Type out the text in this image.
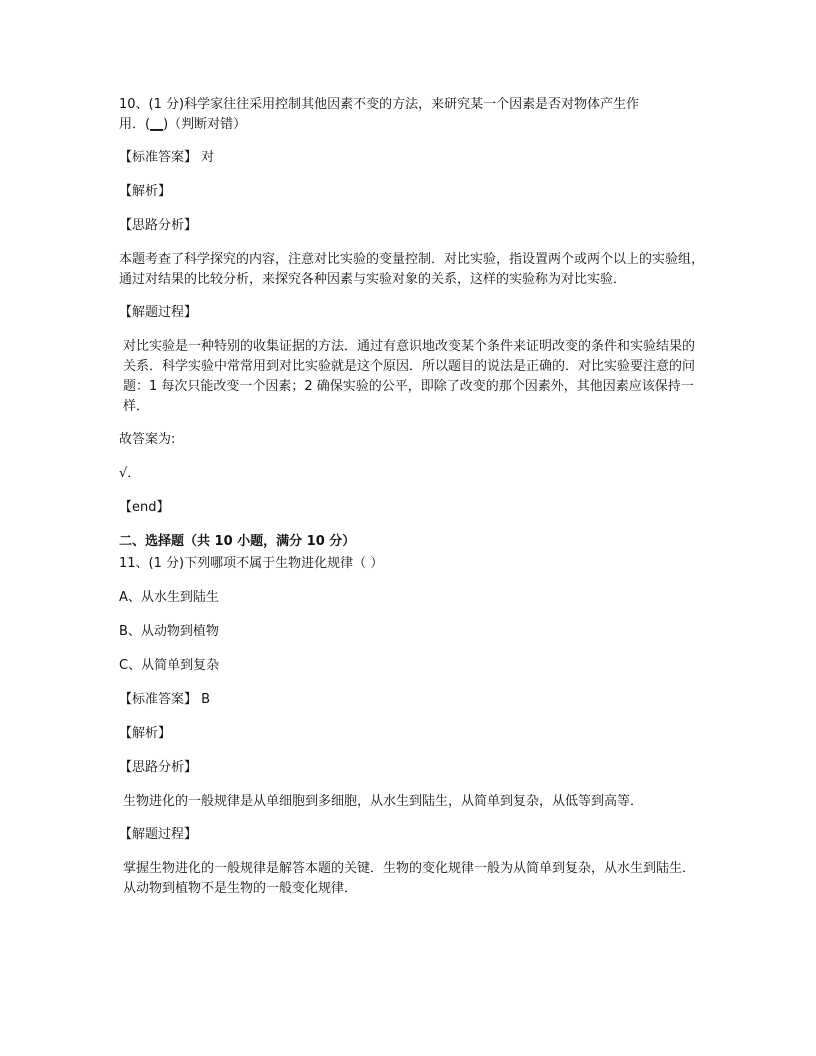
10、(1 分)科学家往往采用控制其他因素不变的方法，来研究某一个因素是否对物体产生作

用．(__)（判断对错）

【标准答案】 对

【解析】

【思路分析】

本题考查了科学探究的内容，注意对比实验的变量控制．对比实验，指设置两个或两个以上的实验组，通过对结果的比较分析，来探究各种因素与实验对象的关系，这样的实验称为对比实验．

【解题过程】

对比实验是一种特别的收集证据的方法．通过有意识地改变某个条件来证明改变的条件和实验结果的关系．科学实验中常常用到对比实验就是这个原因．所以题目的说法是正确的．对比实验要注意的问题：1 每次只能改变一个因素；2 确保实验的公平，即除了改变的那个因素外，其他因素应该保持一样．

故答案为:

√．

【end】

二、选择题（共 10 小题，满分 10 分）

11、(1 分)下列哪项不属于生物进化规律（ ）

A、从水生到陆生

B、从动物到植物

C、从简单到复杂

【标准答案】 B

【解析】

【思路分析】

生物进化的一般规律是从单细胞到多细胞，从水生到陆生，从简单到复杂，从低等到高等．

【解题过程】

掌握生物进化的一般规律是解答本题的关键．生物的变化规律一般为从简单到复杂，从水生到陆生．从动物到植物不是生物的一般变化规律．
